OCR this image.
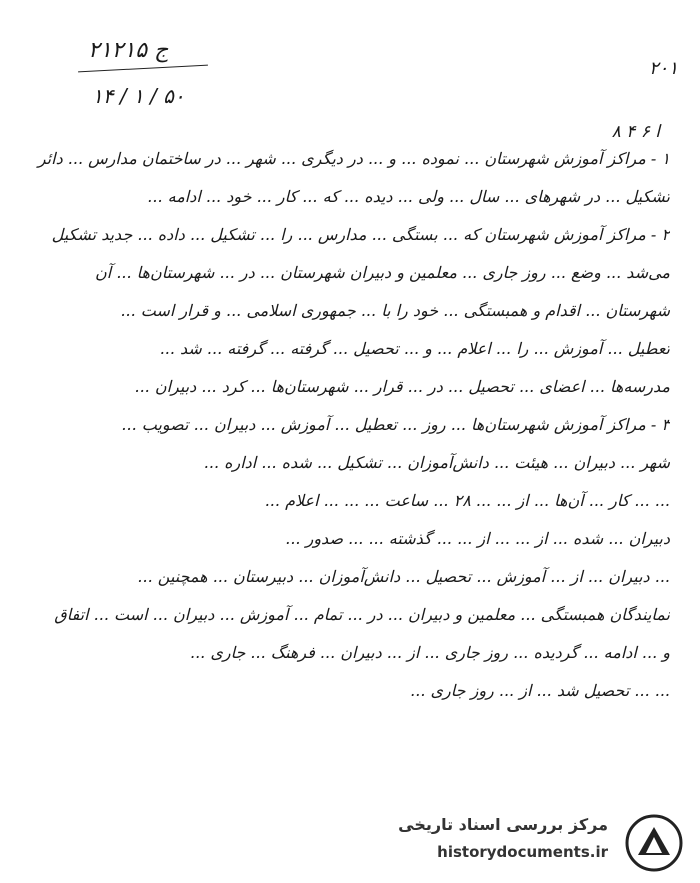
۲۱۲۱۵ ج
۱۴ / ۱ / ۵۰
۲۰۱
ا ۶ ۴ ۸
۱ - مراکز آموزش شهرستان ... نموده ... و ... در دیگری ... شهر ... در ساختمان مدارس ... دائر
تشکیل ... در شهرهای ... سال ... ولی ... دیده ... که ... کار ... خود ... ادامه ...
۲ - مراکز آموزش شهرستان که ... بستگی ... مدارس ... را ... تشکیل ... داده ... جدید تشکیل
می‌شد ... وضع ... روز جاری ... معلمین و دبیران شهرستان ... در ... شهرستان‌ها ... آن
شهرستان ... اقدام و همبستگی ... خود را با ... جمهوری اسلامی ... و قرار است ...
تعطیل ... آموزش ... را ... اعلام ... و ... تحصیل ... گرفته ... گرفته ... شد ...
مدرسه‌ها ... اعضای ... تحصیل ... در ... قرار ... شهرستان‌ها ... کرد ... دبیران ...
۳ - مراکز آموزش شهرستان‌ها ... روز ... تعطیل ... آموزش ... دبیران ... تصویب ...
شهر ... دبیران ... هیئت ... دانش‌آموزان ... تشکیل ... شده ... اداره ...
... ... کار ... آن‌ها ... از ... ... ۲۸ ... ساعت ... ... ... اعلام ...
دبیران ... شده ... از ... ... از ... ... گذشته ... ... صدور ...
... دبیران ... از ... آموزش ... تحصیل ... دانش‌آموزان ... دبیرستان ... همچنین ...
نمایندگان همبستگی ... معلمین و دبیران ... در ... تمام ... آموزش ... دبیران ... است ... اتفاق
و ... ادامه ... گردیده ... روز جاری ... از ... دبیران ... فرهنگ ... جاری ...
... ... تحصیل شد ... از ... روز جاری ...
مرکز بررسی اسناد تاریخی
historydocuments.ir
